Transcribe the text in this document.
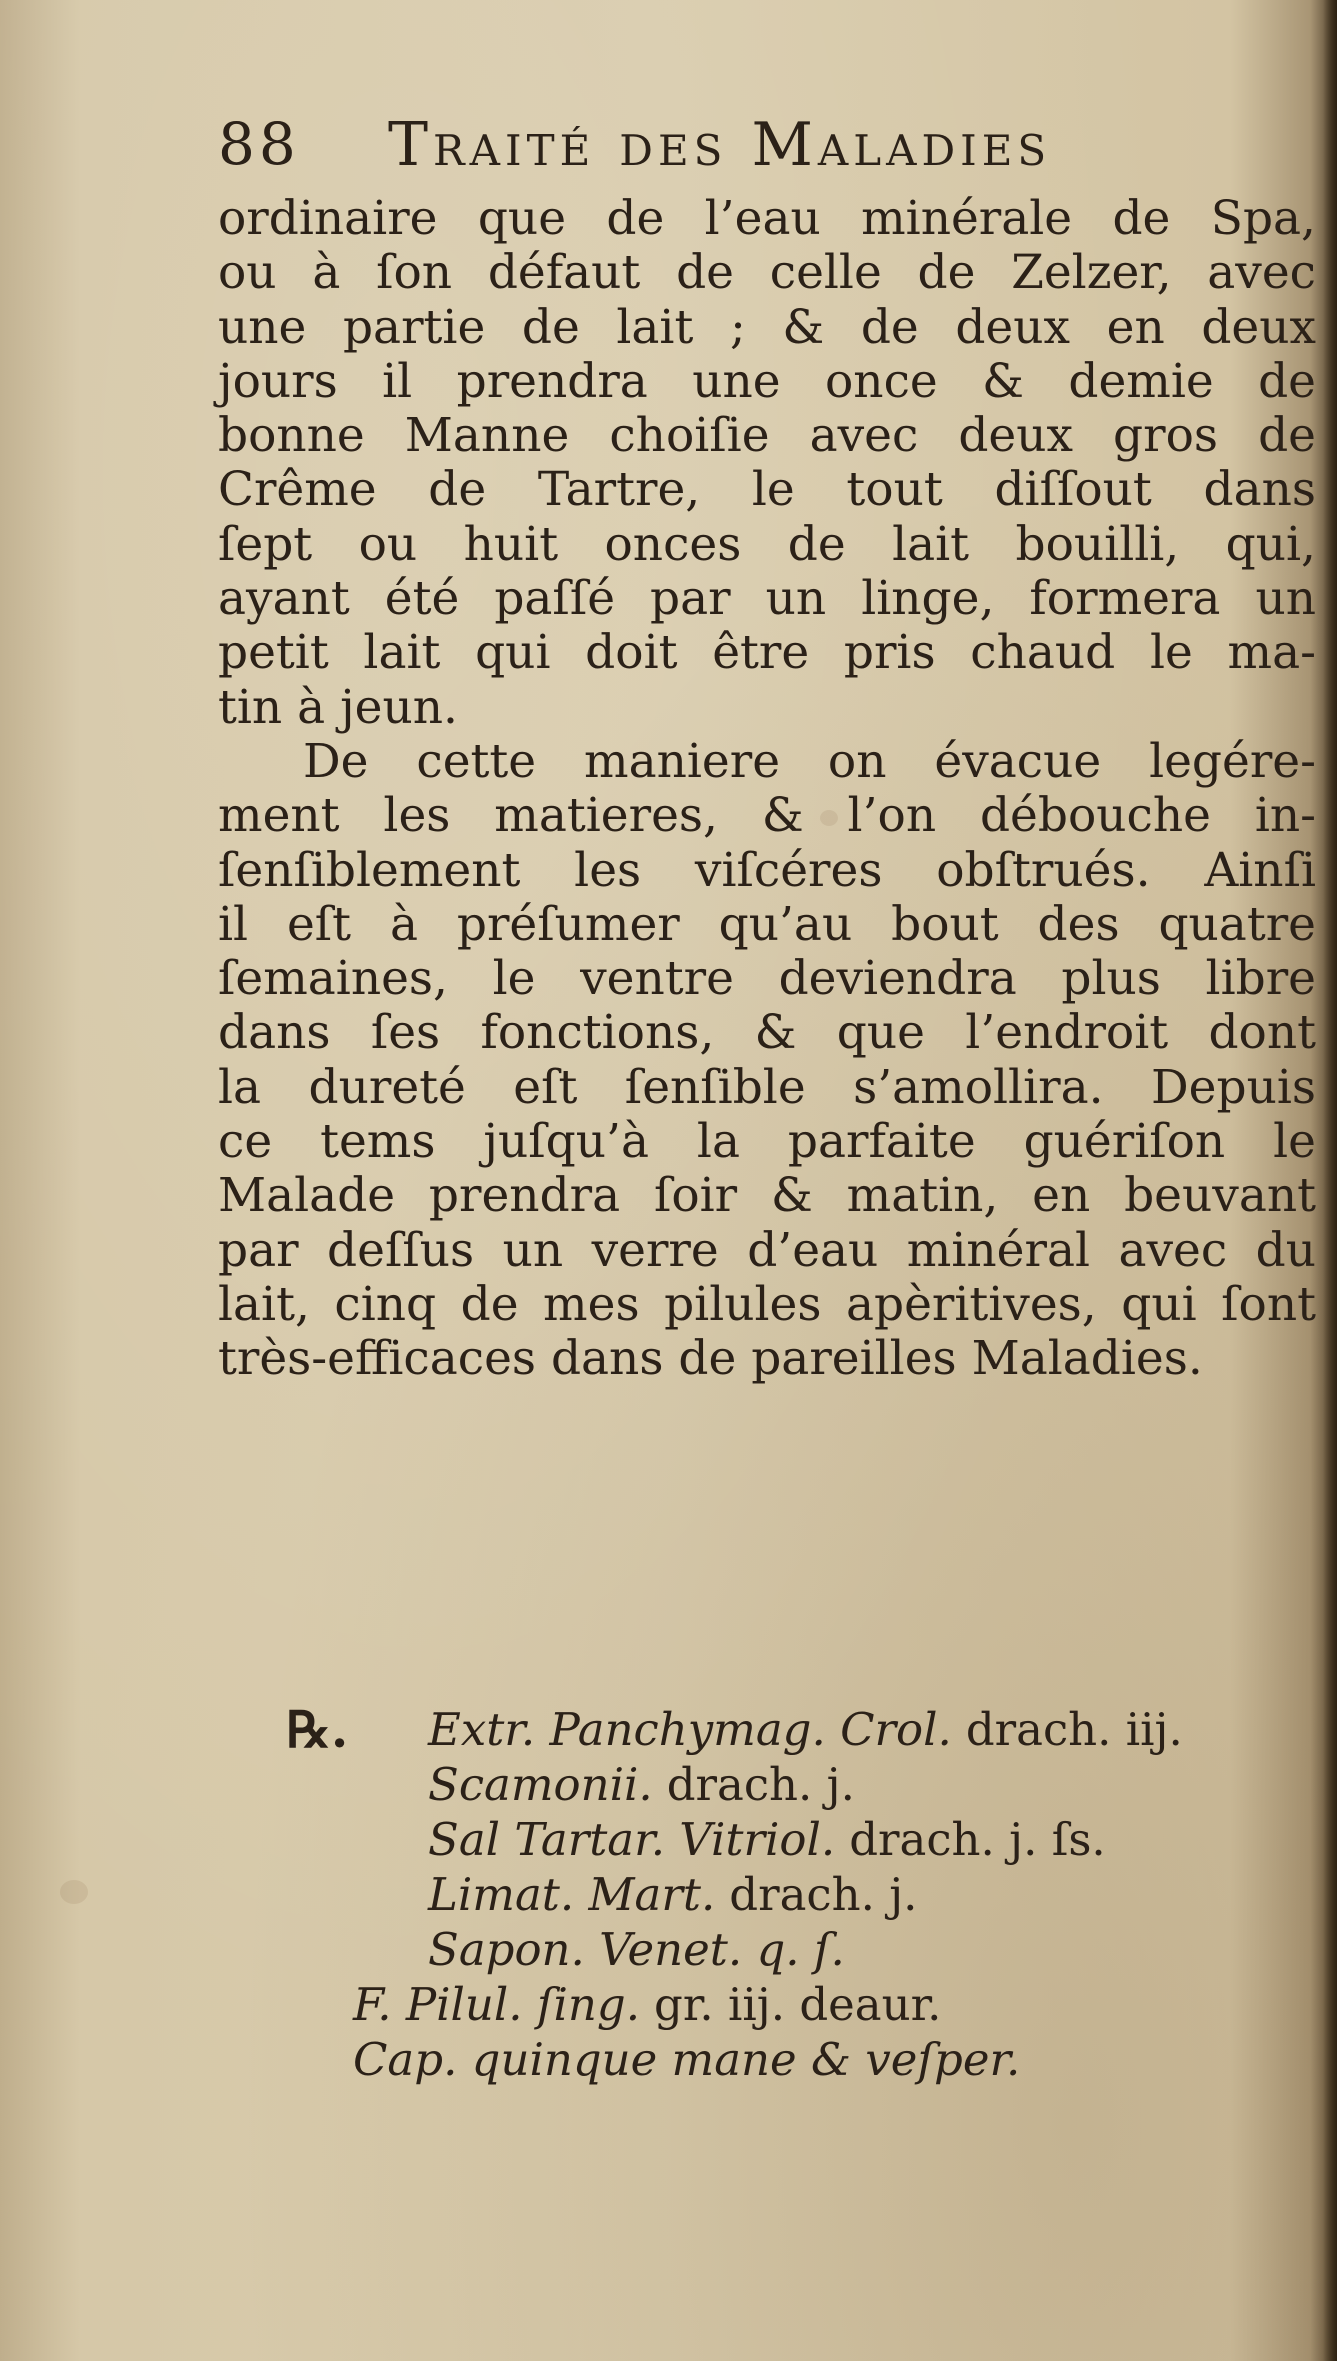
88 Traité des Maladies
ordinaire que de l’eau minérale de Spa,
ou à ſon défaut de celle de Zelzer, avec
une partie de lait ; & de deux en deux
jours il prendra une once & demie de
bonne Manne choiſie avec deux gros de
Crême de Tartre, le tout diſſout dans
ſept ou huit onces de lait bouilli, qui,
ayant été paſſé par un linge, formera un
petit lait qui doit être pris chaud le ma-
tin à jeun.
De cette maniere on évacue legére-
ment les matieres, & l’on débouche in-
ſenſiblement les viſcéres obſtrués. Ainſi
il eſt à préſumer qu’au bout des quatre
ſemaines, le ventre deviendra plus libre
dans ſes fonctions, & que l’endroit dont
la dureté eſt ſenſible s’amollira. Depuis
ce tems juſqu’à la parfaite guériſon le
Malade prendra ſoir & matin, en beuvant
par deſſus un verre d’eau minéral avec du
lait, cinq de mes pilules apèritives, qui ſont
très-efficaces dans de pareilles Maladies.
℞. Extr. Panchymag. Crol. drach. iij.
Scamonii. drach. j.
Sal Tartar. Vitriol. drach. j. ſs.
Limat. Mart. drach. j.
Sapon. Venet. q. ſ.
F. Pilul. ſing. gr. iij. deaur.
Cap. quinque mane & veſper.
